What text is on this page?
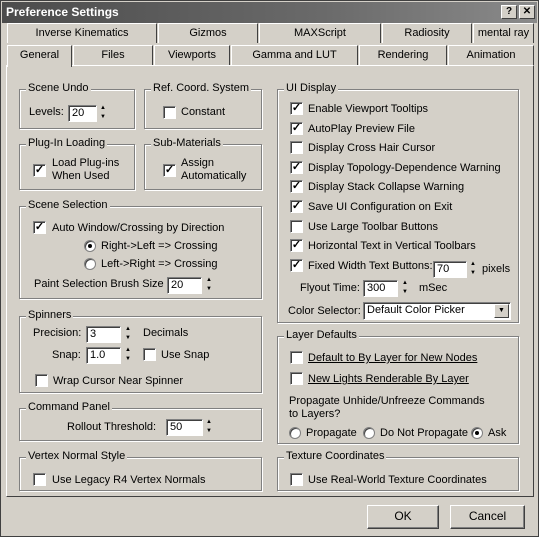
Preference Settings	?	✕
Inverse Kinematics	Gizmos	MAXScript	Radiosity	mental ray
General	Files	Viewports	Gamma and LUT	Rendering	Animation
Scene Undo
Levels: 20	▲
▼
Ref. Coord. System
Constant
Plug-In Loading
✓
Load Plug-ins
When Used
Sub-Materials
✓
Assign
Automatically
Scene Selection
✓ Auto Window/Crossing by Direction
Right->Left => Crossing
Left->Right => Crossing
Paint Selection Brush Size 20	▲
▼
Spinners
Precision: 3	▲
▼ Decimals
Snap: 1.0	▲
▼	Use Snap
Wrap Cursor Near Spinner
Command Panel
Rollout Threshold:	50	▲
▼
Vertex Normal Style
Use Legacy R4 Vertex Normals
UI Display
✓ Enable Viewport Tooltips
✓ AutoPlay Preview File
Display Cross Hair Cursor
✓ Display Topology-Dependence Warning
✓ Display Stack Collapse Warning
✓ Save UI Configuration on Exit
Use Large Toolbar Buttons
✓ Horizontal Text in Vertical Toolbars
✓ Fixed Width Text Buttons: 70	▲
▼ pixels
Flyout Time: 300	▲
▼ mSec
Color Selector: Default Color Picker	▼
Layer Defaults
Default to By Layer for New Nodes
New Lights Renderable By Layer
Propagate Unhide/Unfreeze Commands
to Layers?
Propagate Do Not Propagate Ask
Texture Coordinates
Use Real-World Texture Coordinates
OK	Cancel
